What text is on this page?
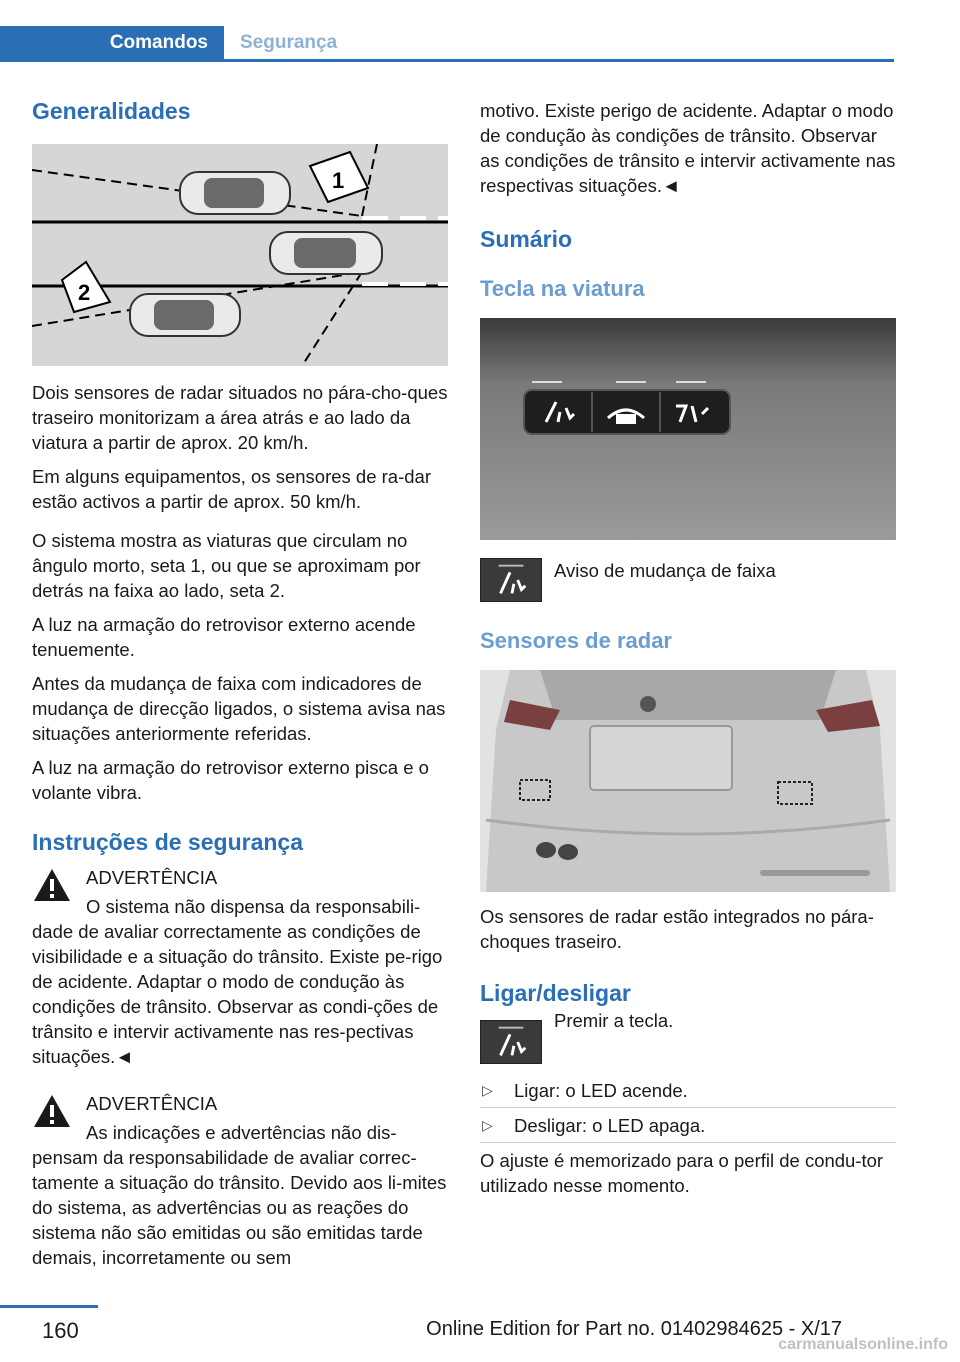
Comandos	Segurança
Generalidades
1
2

Dois sensores de radar situados no pára-cho-ques traseiro monitorizam a área atrás e ao lado da viatura a partir de aprox. 20 km/h.

Em alguns equipamentos, os sensores de ra-dar estão activos a partir de aprox. 50 km/h.

O sistema mostra as viaturas que circulam no ângulo morto, seta 1, ou que se aproximam por detrás na faixa ao lado, seta 2.

A luz na armação do retrovisor externo acende tenuemente.

Antes da mudança de faixa com indicadores de mudança de direcção ligados, o sistema avisa nas situações anteriormente referidas.

A luz na armação do retrovisor externo pisca e o volante vibra.

Instruções de segurança

ADVERTÊNCIA

O sistema não dispensa da responsabili-

dade de avaliar correctamente as condições de visibilidade e a situação do trânsito. Existe pe-rigo de acidente. Adaptar o modo de condução às condições de trânsito. Observar as condi-ções de trânsito e intervir activamente nas res-pectivas situações.◄

ADVERTÊNCIA

As indicações e advertências não dis-

pensam da responsabilidade de avaliar correc-tamente a situação do trânsito. Devido aos li-mites do sistema, as advertências ou as reações do sistema não são emitidas ou são emitidas tarde demais, incorretamente ou sem

motivo. Existe perigo de acidente. Adaptar o modo de condução às condições de trânsito. Observar as condições de trânsito e intervir activamente nas respectivas situações.◄

Sumário
Tecla na viatura
Aviso de mudança de faixa
Sensores de radar

Os sensores de radar estão integrados no pára-choques traseiro.

Ligar/desligar
Premir a tecla.
▷ Ligar: o LED acende.
▷ Desligar: o LED apaga.

O ajuste é memorizado para o perfil de condu-tor utilizado nesse momento.

160	Online Edition for Part no. 01402984625 - X/17
carmanualsonline.info
